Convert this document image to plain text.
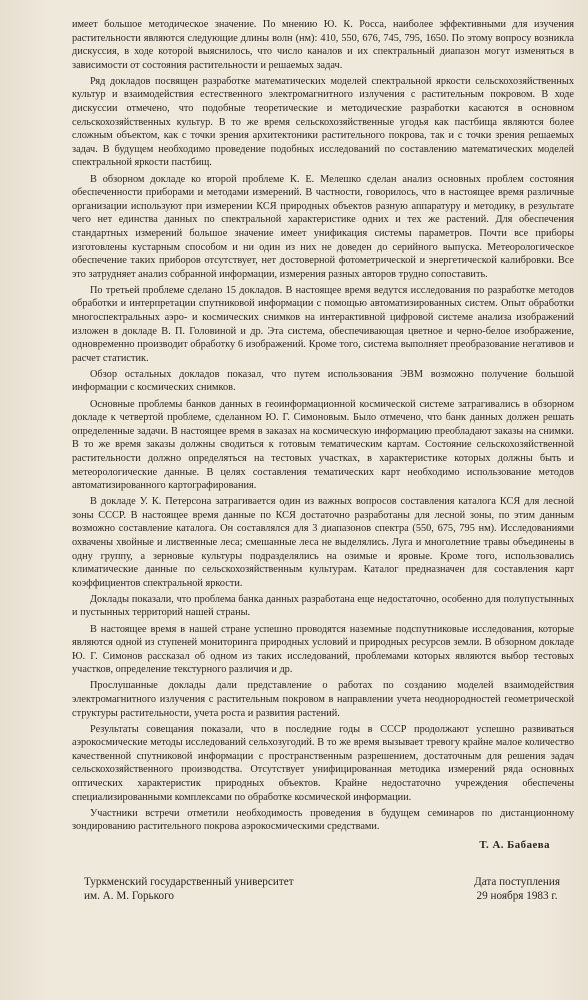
имеет большое методическое значение. По мнению Ю. К. Росса, наиболее эффективными для изучения растительности являются следующие длины волн (нм): 410, 550, 676, 745, 795, 1650. По этому вопросу возникла дискуссия, в ходе которой выяснилось, что число каналов и их спектральный диапазон могут изменяться в зависимости от состояния растительности и решаемых задач.

Ряд докладов посвящен разработке математических моделей спектральной яркости сельскохозяйственных культур и взаимодействия естественного электромагнитного излучения с растительным покровом. В ходе дискуссии отмечено, что подобные теоретические и методические разработки касаются в основном сельскохозяйственных культур. В то же время сельскохозяйственные угодья как пастбища являются более сложным объектом, как с точки зрения архитектоники растительного покрова, так и с точки зрения решаемых задач. В будущем необходимо проведение подобных исследований по составлению математических моделей спектральной яркости пастбищ.

В обзорном докладе ко второй проблеме К. Е. Мелешко сделан анализ основных проблем состояния обеспеченности приборами и методами измерений. В частности, говорилось, что в настоящее время различные организации используют при измерении КСЯ природных объектов разную аппаратуру и методику, в результате чего нет единства данных по спектральной характеристике одних и тех же растений. Для обеспечения стандартных измерений большое значение имеет унификация системы параметров. Почти все приборы изготовлены кустарным способом и ни один из них не доведен до серийного выпуска. Метеорологическое обеспечение таких приборов отсутствует, нет достоверной фотометрической и энергетической калибровки. Все это затрудняет анализ собранной информации, измерения разных авторов трудно сопоставить.

По третьей проблеме сделано 15 докладов. В настоящее время ведутся исследования по разработке методов обработки и интерпретации спутниковой информации с помощью автоматизированных систем. Опыт обработки многоспектральных аэро- и космических снимков на интерактивной цифровой системе анализа изображений изложен в докладе В. П. Головиной и др. Эта система, обеспечивающая цветное и черно-белое изображение, одновременно производит обработку 6 изображений. Кроме того, система выполняет преобразование негативов и расчет статистик.

Обзор остальных докладов показал, что путем использования ЭВМ возможно получение большой информации с космических снимков.

Основные проблемы банков данных в геоинформационной космической системе затрагивались в обзорном докладе к четвертой проблеме, сделанном Ю. Г. Симоновым. Было отмечено, что банк данных должен решать определенные задачи. В настоящее время в заказах на космическую информацию преобладают заказы на снимки. В то же время заказы должны сводиться к готовым тематическим картам. Состояние сельскохозяйственной растительности должно определяться на тестовых участках, в характеристике которых должны быть и метеорологические данные. В целях составления тематических карт необходимо использование методов автоматизированного картографирования.

В докладе У. К. Петерсона затрагивается один из важных вопросов составления каталога КСЯ для лесной зоны СССР. В настоящее время данные по КСЯ достаточно разработаны для лесной зоны, по этим данным возможно составление каталога. Он составлялся для 3 диапазонов спектра (550, 675, 795 нм). Исследованиями охвачены хвойные и лиственные леса; смешанные леса не выделялись. Луга и многолетние травы объединены в одну группу, а зерновые культуры подразделялись на озимые и яровые. Кроме того, использовались климатические данные по сельскохозяйственным культурам. Каталог предназначен для составления карт коэффициентов спектральной яркости.

Доклады показали, что проблема банка данных разработана еще недостаточно, особенно для полупустынных и пустынных территорий нашей страны.

В настоящее время в нашей стране успешно проводятся наземные подспутниковые исследования, которые являются одной из ступеней мониторинга природных условий и природных ресурсов земли. В обзорном докладе Ю. Г. Симонов рассказал об одном из таких исследований, проблемами которых являются выбор тестовых участков, определение текстурного различия и др.

Прослушанные доклады дали представление о работах по созданию моделей взаимодействия электромагнитного излучения с растительным покровом в направлении учета неоднородностей геометрической структуры растительности, учета роста и развития растений.

Результаты совещания показали, что в последние годы в СССР продолжают успешно развиваться аэрокосмические методы исследований сельхозугодий. В то же время вызывает тревогу крайне малое количество качественной спутниковой информации с пространственным разрешением, достаточным для решения задач сельскохозяйственного производства. Отсутствует унифицированная методика измерений ряда основных оптических характеристик природных объектов. Крайне недостаточно учреждения обеспечены специализированными комплексами по обработке космической информации.

Участники встречи отметили необходимость проведения в будущем семинаров по дистанционному зондированию растительного покрова аэрокосмическими средствами.

Т. А. Бабаева
Туркменский государственный университет
им. А. М. Горького
Дата поступления
29 ноября 1983 г.
